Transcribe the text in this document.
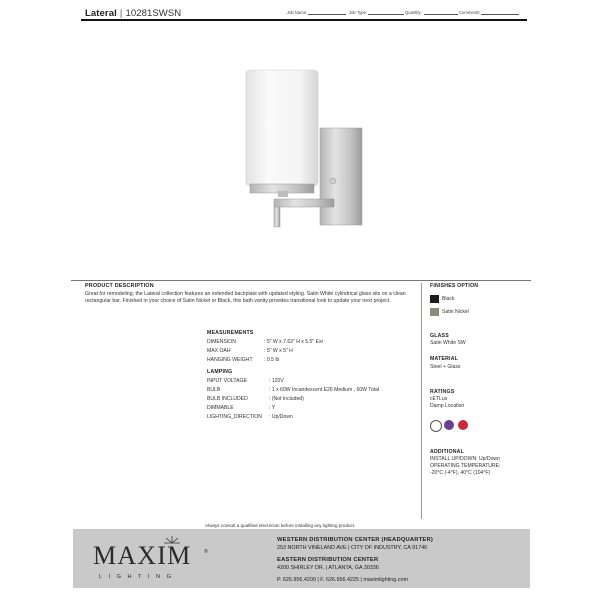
Lateral | 10281SWSN	Job Name:	Job Type:	Quantity:	Comments:
PRODUCT DESCRIPTION
Great for remodeling, the Lateral collection features an extended backplate with updated styling. Satin White cylindrical glass sits on a clean rectangular bar. Finished in your choice of Satin Nickel or Black, this bath vanity provides transitional look to update your next project.
MEASUREMENTS
DIMENSION	: 5" W x 7.63" H x 5.5" Ext
MAX OAH	: 5" W x 5" H
HANGING WEIGHT : 0.5 lb
LAMPING
INPUT VOLTAGE	: 120V
BULB	: 1 x 60W Incandescent E26 Medium , 60W Total
BULB INCLUDED	: (Not Included)
DIMMABLE	: Y
LIGHTING_DIRECTION : Up/Down
FINISHES OPTION
Black
Satin Nickel
GLASS
Satin White SW
MATERIAL
Steel + Glass
RATINGS
cETLus
Damp Location
ADDITIONAL
INSTALL UP/DOWN: Up/Down
OPERATING TEMPERATURE:
-20°C (-4°F), 40°C (104°F)
Always consult a qualified electrician before installing any lighting product.
MAXIM
LIGHTING
®
WESTERN DISTRIBUTION CENTER (HEADQUARTER)
253 NORTH VINELAND AVE | CITY OF INDUSTRY, CA 91746
EASTERN DISTRIBUTION CENTER
4200 SHIRLEY DR. | ATLANTA, GA 30336
P. 626.956.4200 | F. 626.956.4225 | maximlighting.com
